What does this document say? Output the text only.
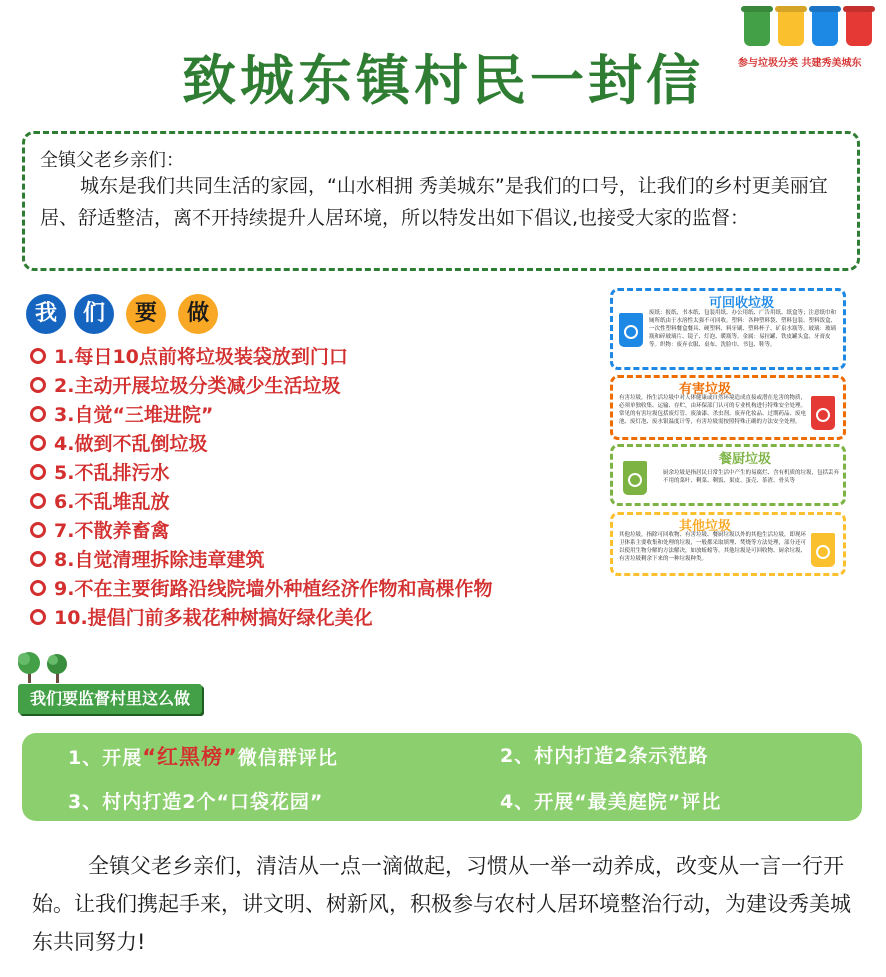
致城东镇村民一封信	参与垃圾分类 共建秀美城东
全镇父老乡亲们：
城东是我们共同生活的家园，“山水相拥 秀美城东”是我们的口号，让我们的乡村更美丽宜居、舒适整洁，离不开持续提升人居环境，所以特发出如下倡议,也接受大家的监督：
我	们	要	做
1.每日10点前将垃圾装袋放到门口
2.主动开展垃圾分类减少生活垃圾
3.自觉“三堆进院”
4.做到不乱倒垃圾
5.不乱排污水
6.不乱堆乱放
7.不散养畜禽
8.自觉清理拆除违章建筑
9.不在主要街路沿线院墙外种植经济作物和高棵作物
10.提倡门前多栽花种树搞好绿化美化
可回收垃圾
废纸：报纸、书本纸、包装用纸、办公用纸、广告用纸、纸盒等；注意纸巾和厕所纸由于水溶性太强不可回收。塑料：各种塑料袋、塑料包装、塑料饭盒、一次性塑料餐盒餐具、硬塑料、料牙刷、塑料杯子、矿泉水瓶等。玻璃：玻璃瓶和碎玻璃片、镜子、灯泡、暖瓶等。金属：易拉罐、铁皮罐头盒、牙膏皮等。织物：废弃衣服、桌布、洗脸巾、书包、鞋等。
有害垃圾
有害垃圾，指生活垃圾中对人体健康或自然环境造成直接或潜在危害的物质，必须单独收集、运输、存贮，由环保部门认可的专业机构进行特殊安全处理。常见的有害垃圾包括废灯管、废油漆、杀虫剂、废弃化妆品、过期药品、废电池、废灯泡、废水银温度计等，有害垃圾需按照特殊正确的方法安全处理。
餐厨垃圾
厨余垃圾是指居民日常生活中产生的易腐烂、含有机质的垃圾，包括丢弃不用的菜叶、剩菜、剩饭、果皮、蛋壳、茶渣、骨头等
其他垃圾
其他垃圾，指除可回收物、有害垃圾、餐厨垃圾以外的其他生活垃圾，即现环卫体系主要收集和处理的垃圾，一般都采取填埋、焚烧等方法处理，部分还可以使用生物分解的方法解决，如放蚯蚓等。其他垃圾是可回收物、厨余垃圾、有害垃圾剩余下来的一种垃圾种类。
我们要监督村里这么做
1、开展“红黑榜”微信群评比	2、村内打造2条示范路
3、村内打造2个“口袋花园”	4、开展“最美庭院”评比
全镇父老乡亲们，清洁从一点一滴做起，习惯从一举一动养成，改变从一言一行开始。让我们携起手来，讲文明、树新风，积极参与农村人居环境整治行动，为建设秀美城东共同努力!
